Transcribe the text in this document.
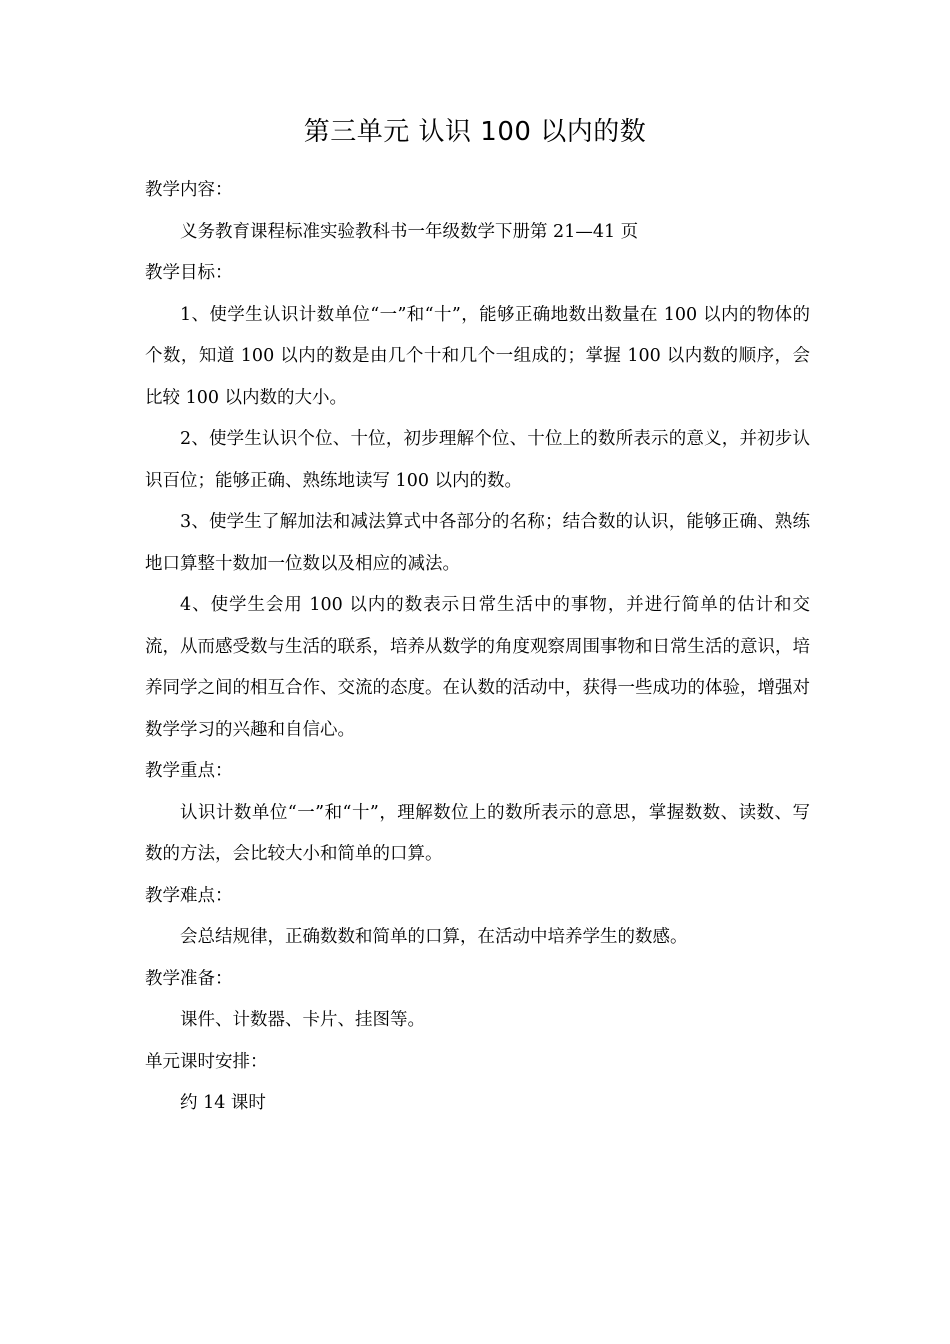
第三单元 认识 100 以内的数

教学内容：

义务教育课程标准实验教科书一年级数学下册第 21—41 页

教学目标：

1、使学生认识计数单位“一”和“十”，能够正确地数出数量在 100 以内的物体的个数，知道 100 以内的数是由几个十和几个一组成的；掌握 100 以内数的顺序，会比较 100 以内数的大小。

2、使学生认识个位、十位，初步理解个位、十位上的数所表示的意义，并初步认识百位；能够正确、熟练地读写 100 以内的数。

3、使学生了解加法和减法算式中各部分的名称；结合数的认识，能够正确、熟练地口算整十数加一位数以及相应的减法。

4、使学生会用 100 以内的数表示日常生活中的事物，并进行简单的估计和交流，从而感受数与生活的联系，培养从数学的角度观察周围事物和日常生活的意识，培养同学之间的相互合作、交流的态度。在认数的活动中，获得一些成功的体验，增强对数学学习的兴趣和自信心。

教学重点：

认识计数单位“一”和“十”，理解数位上的数所表示的意思，掌握数数、读数、写数的方法，会比较大小和简单的口算。

教学难点：

会总结规律，正确数数和简单的口算，在活动中培养学生的数感。

教学准备：

课件、计数器、卡片、挂图等。

单元课时安排：

约 14 课时
